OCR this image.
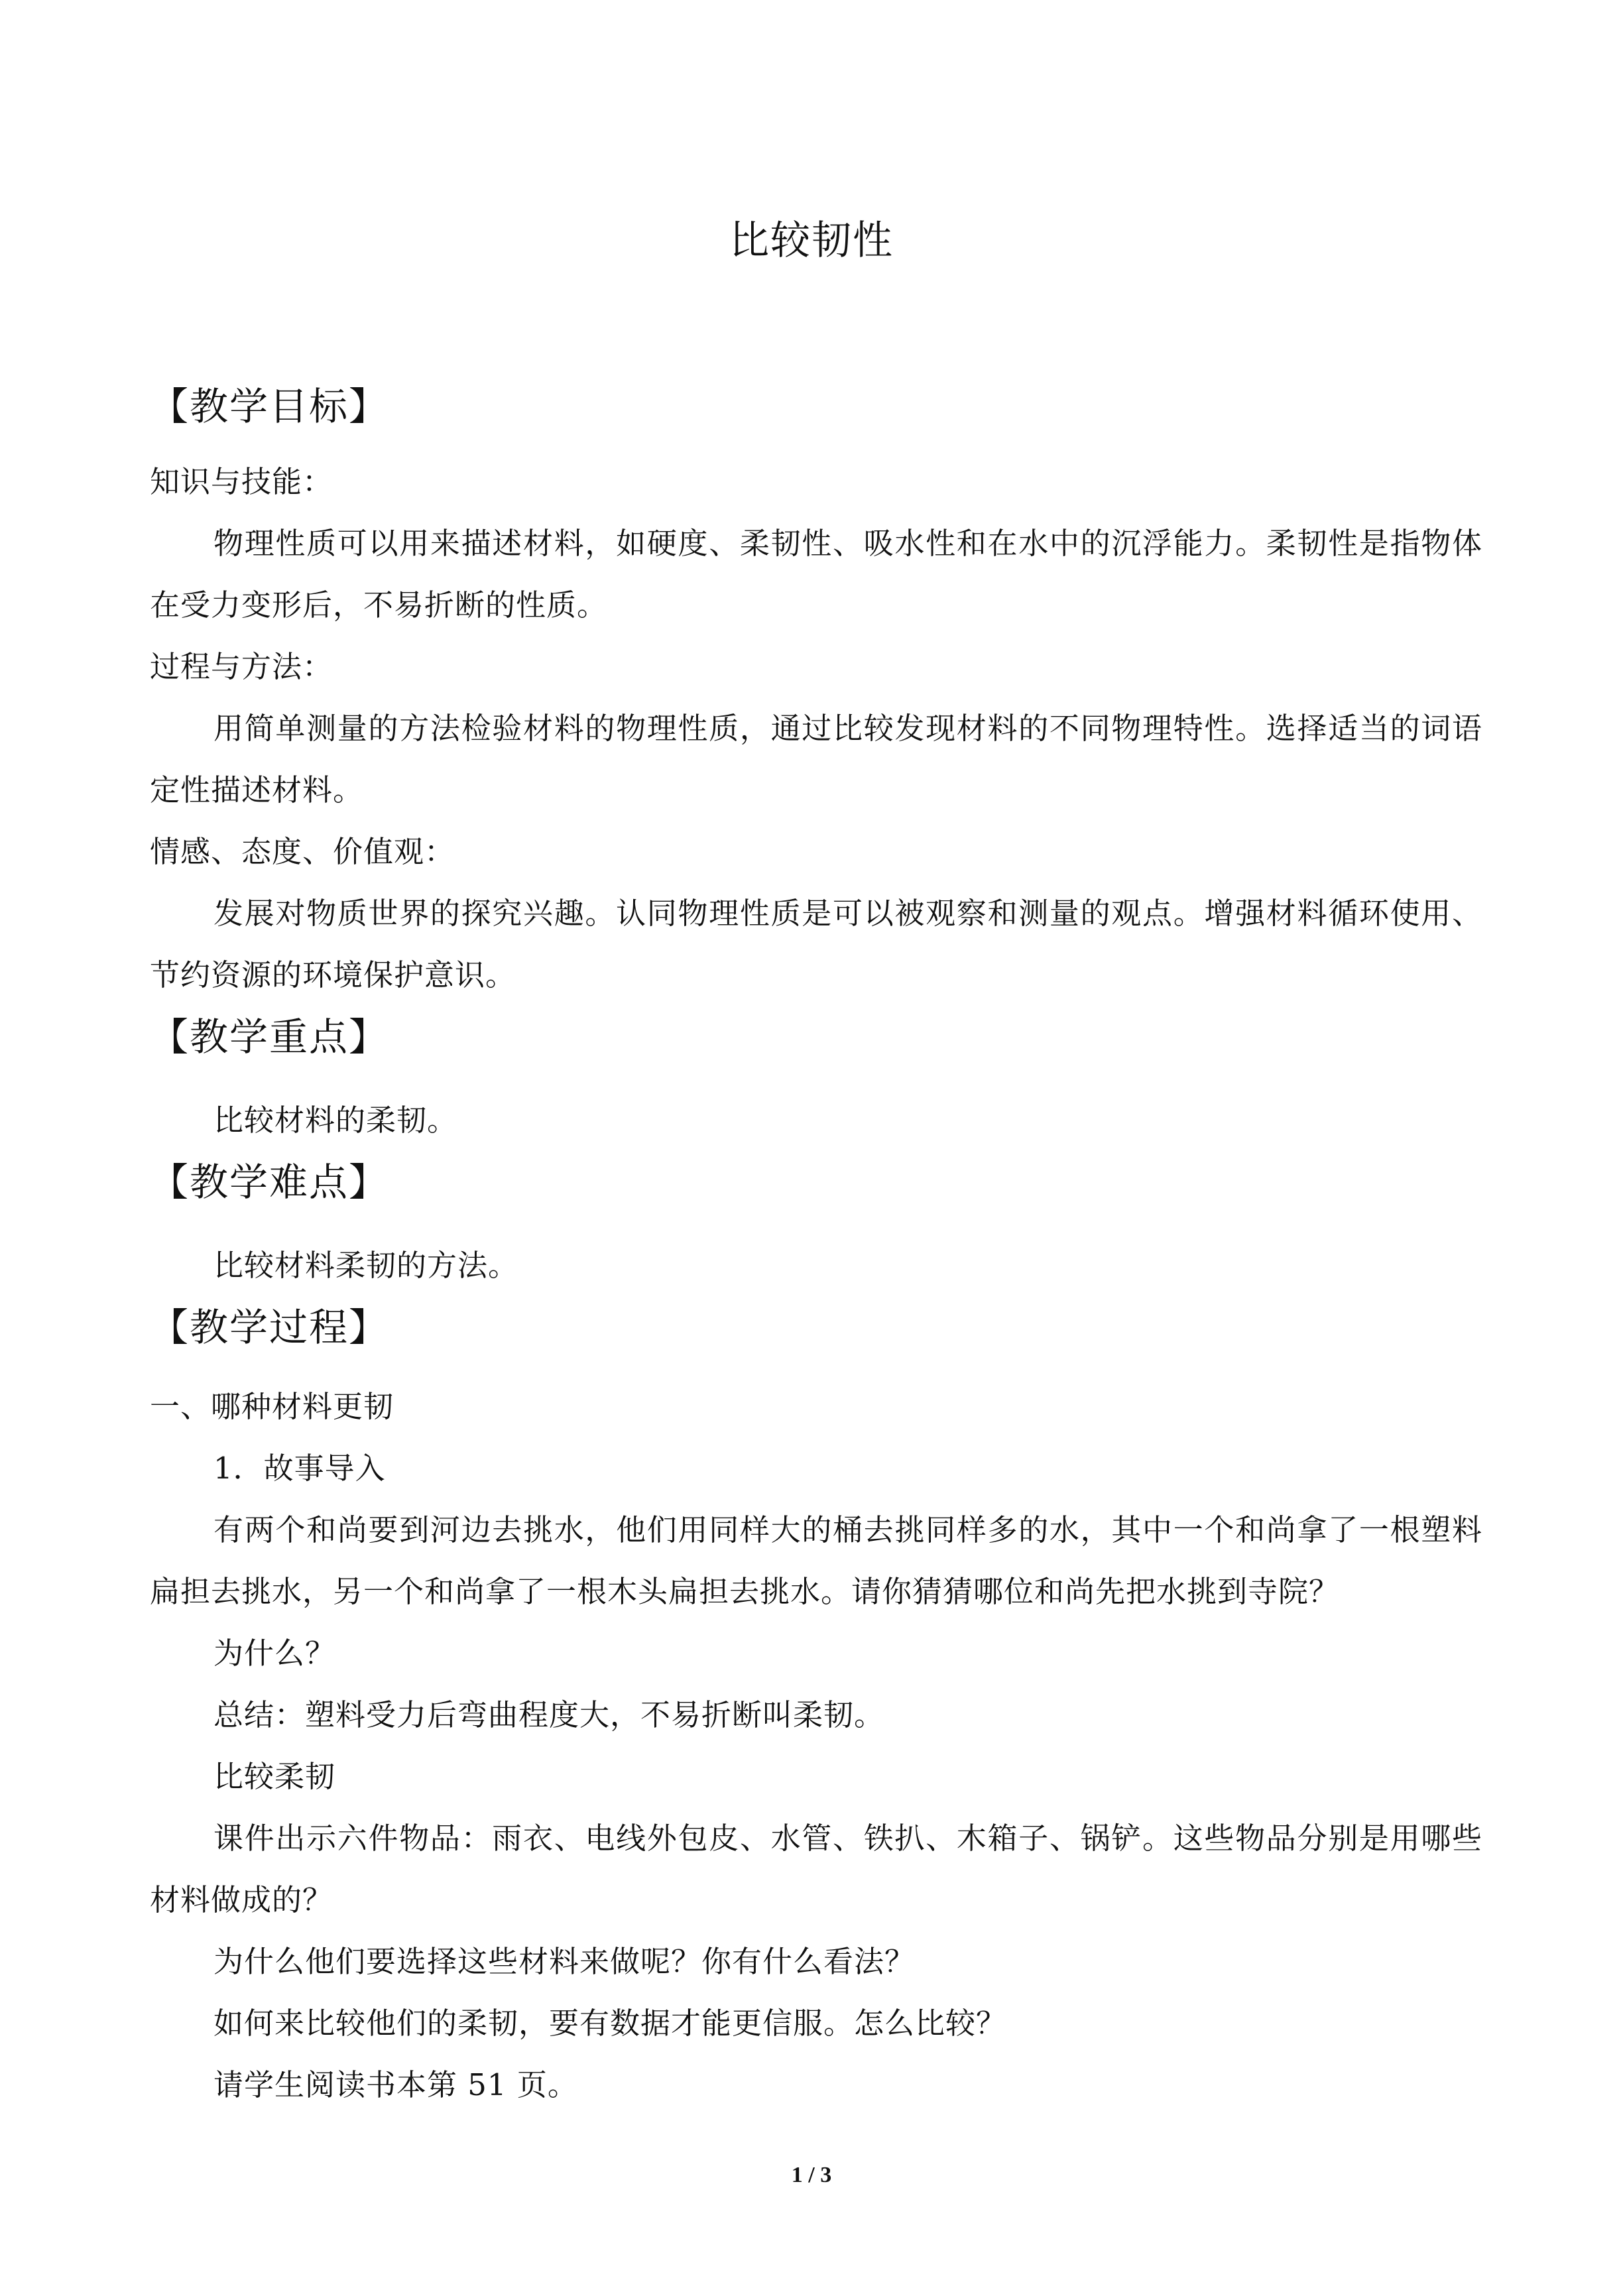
比较韧性
【教学目标】
知识与技能：
物理性质可以用来描述材料，如硬度、柔韧性、吸水性和在水中的沉浮能力。柔韧性是指物体在受力变形后，不易折断的性质。
过程与方法：
用简单测量的方法检验材料的物理性质，通过比较发现材料的不同物理特性。选择适当的词语定性描述材料。
情感、态度、价值观：
发展对物质世界的探究兴趣。认同物理性质是可以被观察和测量的观点。增强材料循环使用、节约资源的环境保护意识。
【教学重点】
比较材料的柔韧。
【教学难点】
比较材料柔韧的方法。
【教学过程】
一、哪种材料更韧
1．故事导入
有两个和尚要到河边去挑水，他们用同样大的桶去挑同样多的水，其中一个和尚拿了一根塑料扁担去挑水，另一个和尚拿了一根木头扁担去挑水。请你猜猜哪位和尚先把水挑到寺院？
为什么？
总结：塑料受力后弯曲程度大，不易折断叫柔韧。
比较柔韧
课件出示六件物品：雨衣、电线外包皮、水管、铁扒、木箱子、锅铲。这些物品分别是用哪些材料做成的？
为什么他们要选择这些材料来做呢？你有什么看法？
如何来比较他们的柔韧，要有数据才能更信服。怎么比较？
请学生阅读书本第 51 页。
1 / 3
